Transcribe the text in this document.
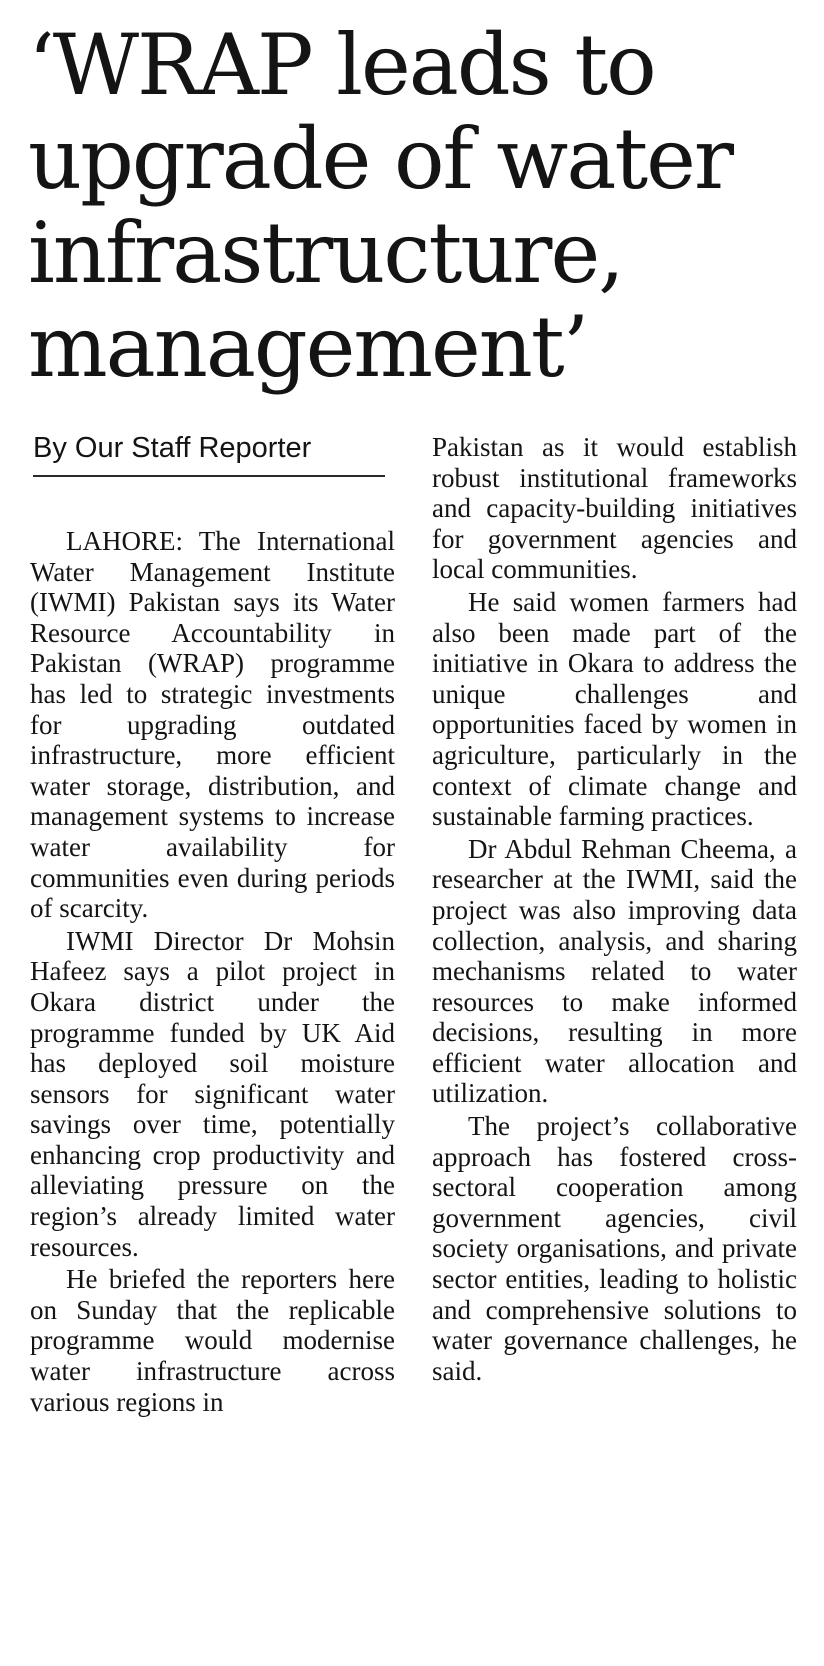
‘WRAP leads to
upgrade of water
infrastructure,
management’
By Our Staff Reporter

LAHORE: The International Water Management Institute (IWMI) Pakistan says its Water Resource Accountability in Pakistan (WRAP) programme has led to strategic investments for upgrading outdated infrastructure, more efficient water storage, distribution, and management systems to increase water availability for communities even during periods of scarcity.

IWMI Director Dr Mohsin Hafeez says a pilot project in Okara district under the programme funded by UK Aid has deployed soil moisture sensors for significant water savings over time, potentially enhancing crop productivity and alleviating pressure on the region’s already limited water resources.

He briefed the reporters here on Sunday that the replicable programme would modernise water infrastructure across various regions in

Pakistan as it would establish robust institutional frameworks and capacity-building initiatives for government agencies and local communities.

He said women farmers had also been made part of the initiative in Okara to address the unique challenges and opportunities faced by women in agriculture, particularly in the context of climate change and sustainable farming practices.

Dr Abdul Rehman Cheema, a researcher at the IWMI, said the project was also improving data collection, analysis, and sharing mechanisms related to water resources to make informed decisions, resulting in more efficient water allocation and utilization.

The project’s collaborative approach has fostered cross-sectoral cooperation among government agencies, civil society organisations, and private sector entities, leading to holistic and comprehensive solutions to water governance challenges, he said.
